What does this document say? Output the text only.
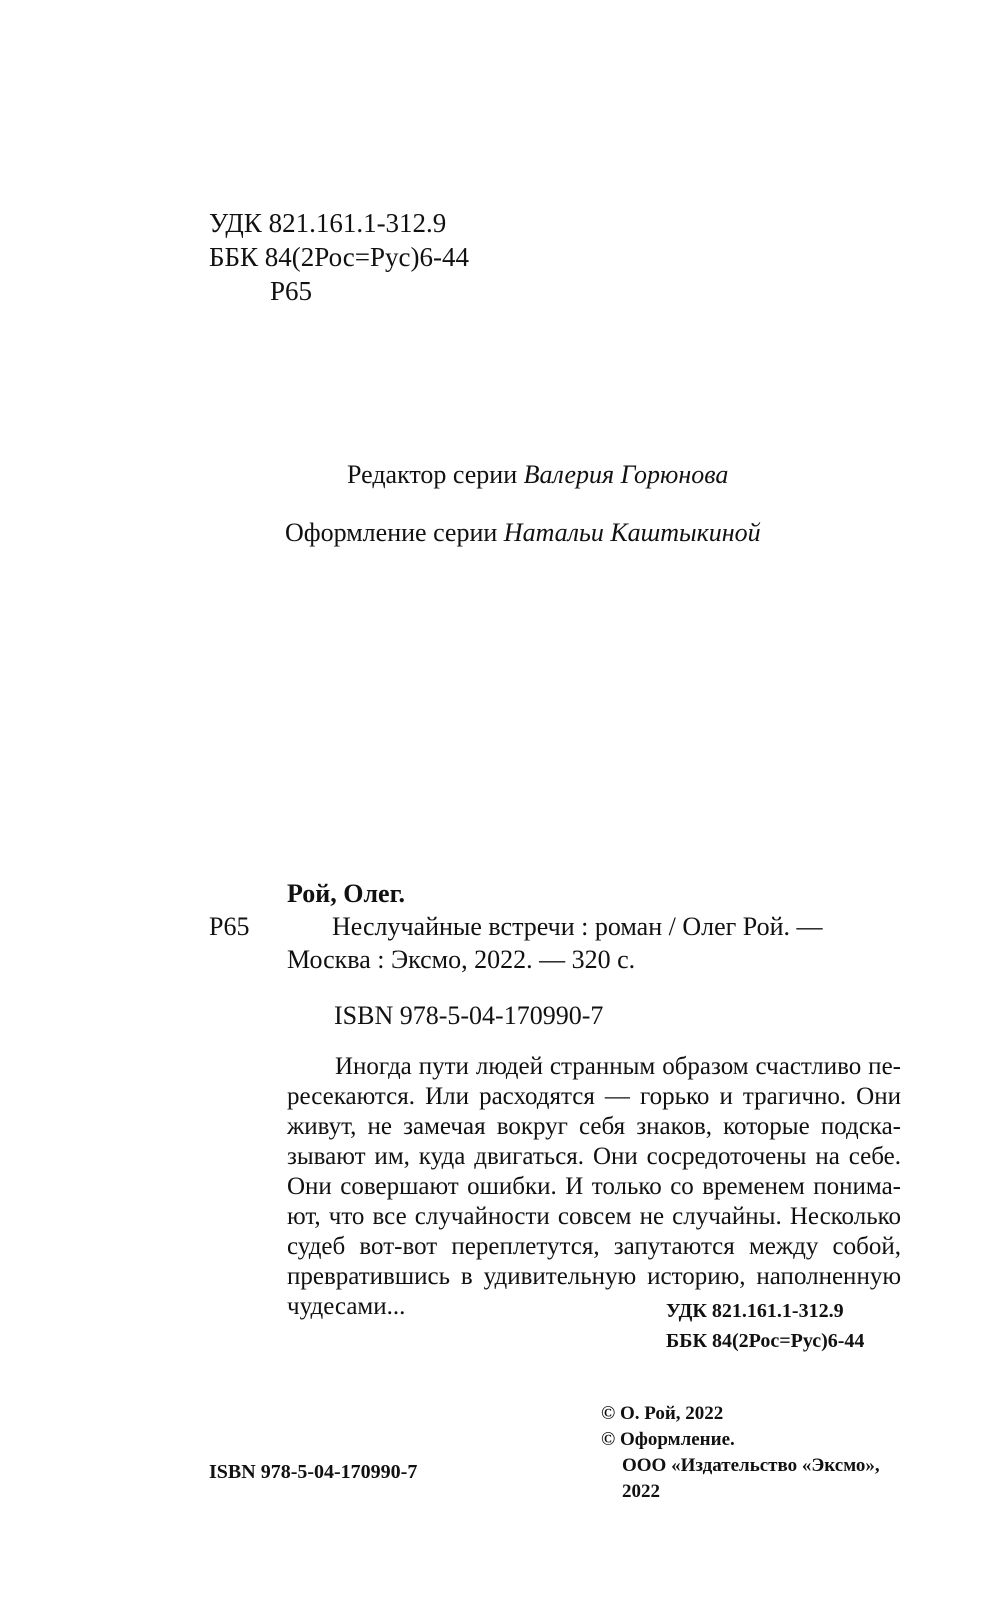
УДК 821.161.1-312.9
ББК 84(2Рос=Рус)6-44
Р65
Редактор серии Валерия Горюнова
Оформление серии Натальи Каштыкиной
Рой, Олег.
Р65	Неслучайные встречи : роман / Олег Рой. —
Москва : Эксмо, 2022. — 320 с.
ISBN 978-5-04-170990-7
Иногда пути людей странным образом счастливо пересекаются. Или расходятся — горько и трагично. Они живут, не замечая вокруг себя знаков, которые подсказывают им, куда двигаться. Они сосредоточены на себе. Они совершают ошибки. И только со временем понимают, что все случайности совсем не случайны. Несколько судеб вот-вот переплетутся, запутаются между собой, превратившись в удивительную историю, наполненную чудесами...	УДК 821.161.1-312.9
ББК 84(2Рос=Рус)6-44
© О. Рой, 2022
© Оформление.
ООО «Издательство «Эксмо»,
2022
ISBN 978-5-04-170990-7
